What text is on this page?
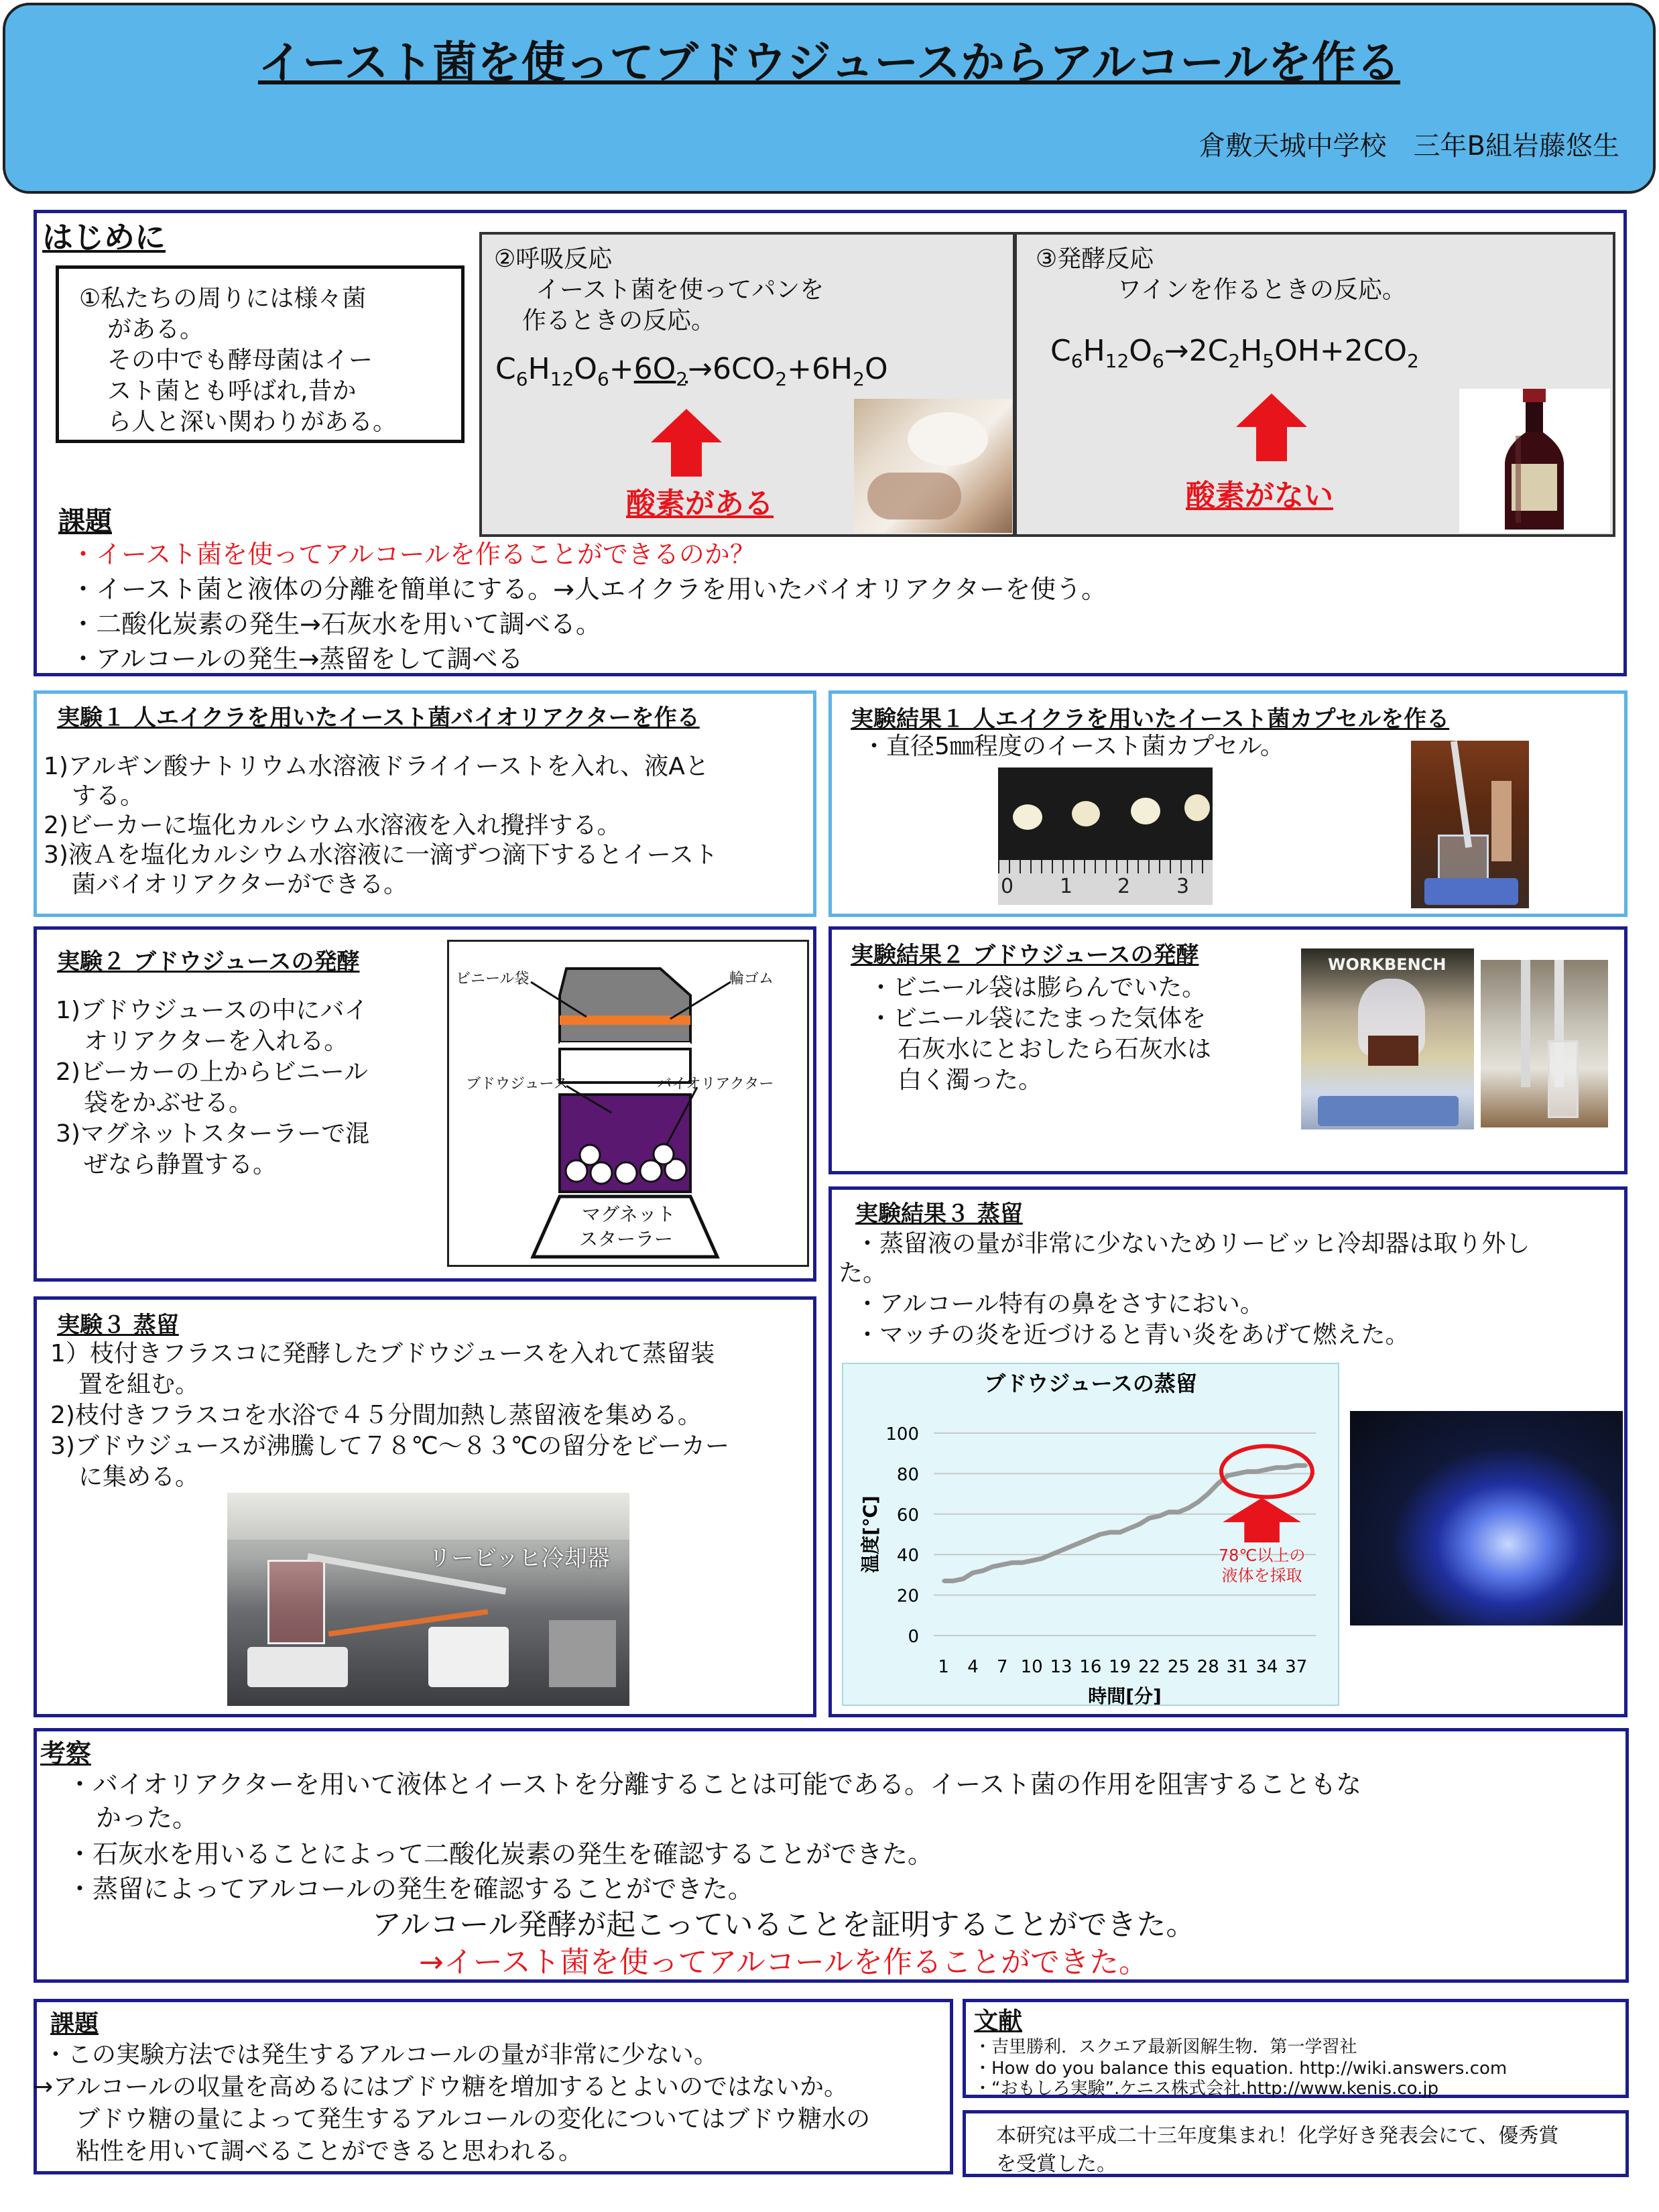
イースト菌を使ってブドウジュースからアルコールを作る
倉敷天城中学校　三年B組岩藤悠生
はじめに
①私たちの周りには様々菌
がある。
その中でも酵母菌はイー
スト菌とも呼ばれ,昔か
ら人と深い関わりがある。
②呼吸反応
イースト菌を使ってパンを
作るときの反応。
$C_6H_{12}O_6+6O_2\to 6CO_2+6H_2O$
酸素がある
③発酵反応
ワインを作るときの反応。
$C_6H_{12}O_6\to 2C_2H_5OH+2CO_2$
酸素がない
課題
・イースト菌を使ってアルコールを作ることができるのか？
・イースト菌と液体の分離を簡単にする。→人エイクラを用いたバイオリアクターを使う。
・二酸化炭素の発生→石灰水を用いて調べる。
・アルコールの発生→蒸留をして調べる
実験１ 人エイクラを用いたイースト菌バイオリアクターを作る
1)アルギン酸ナトリウム水溶液ドライイーストを入れ、液Aと
する。
2)ビーカーに塩化カルシウム水溶液を入れ攪拌する。
3)液Ａを塩化カルシウム水溶液に一滴ずつ滴下するとイースト
菌バイオリアクターができる。
実験結果１ 人エイクラを用いたイースト菌カプセルを作る
・直径5㎜程度のイースト菌カプセル。
0 1 2 3
実験２ ブドウジュースの発酵
1)ブドウジュースの中にバイ
オリアクターを入れる。
2)ビーカーの上からビニール
袋をかぶせる。
3)マグネットスターラーで混
ぜなら静置する。
ビニール袋	輪ゴム
ブドウジュース	バイオリアクター
マグネット
スターラー
実験結果２ ブドウジュースの発酵
・ビニール袋は膨らんでいた。
・ビニール袋にたまった気体を
石灰水にとおしたら石灰水は
白く濁った。
WORKBENCH
実験３ 蒸留
1）枝付きフラスコに発酵したブドウジュースを入れて蒸留装
置を組む。
2)枝付きフラスコを水浴で４５分間加熱し蒸留液を集める。
3)ブドウジュースが沸騰して７８℃～８３℃の留分をビーカー
に集める。
リービッヒ冷却器
実験結果３ 蒸留
・蒸留液の量が非常に少ないためリービッヒ冷却器は取り外し
た。
・アルコール特有の鼻をさすにおい。
・マッチの炎を近づけると青い炎をあげて燃えた。
ブドウジュースの蒸留
0
20
40
60
80
100
1 4 7 10 13 16 19 22 25 28 31 34 37
時間[分]
温度[℃]	78℃以上の
液体を採取
考察
・バイオリアクターを用いて液体とイーストを分離することは可能である。イースト菌の作用を阻害することもな
かった。
・石灰水を用いることによって二酸化炭素の発生を確認することができた。
・蒸留によってアルコールの発生を確認することができた。
アルコール発酵が起こっていることを証明することができた。
→イースト菌を使ってアルコールを作ることができた。
課題
・この実験方法では発生するアルコールの量が非常に少ない。
→アルコールの収量を高めるにはブドウ糖を増加するとよいのではないか。
ブドウ糖の量によって発生するアルコールの変化についてはブドウ糖水の
粘性を用いて調べることができると思われる。
文献
・吉里勝利．スクエア最新図解生物．第一学習社
・How do you balance this equation. http://wiki.answers.com
・“おもしろ実験”.ケニス株式会社.http://www.kenis.co.jp
本研究は平成二十三年度集まれ！化学好き発表会にて、優秀賞
を受賞した。
